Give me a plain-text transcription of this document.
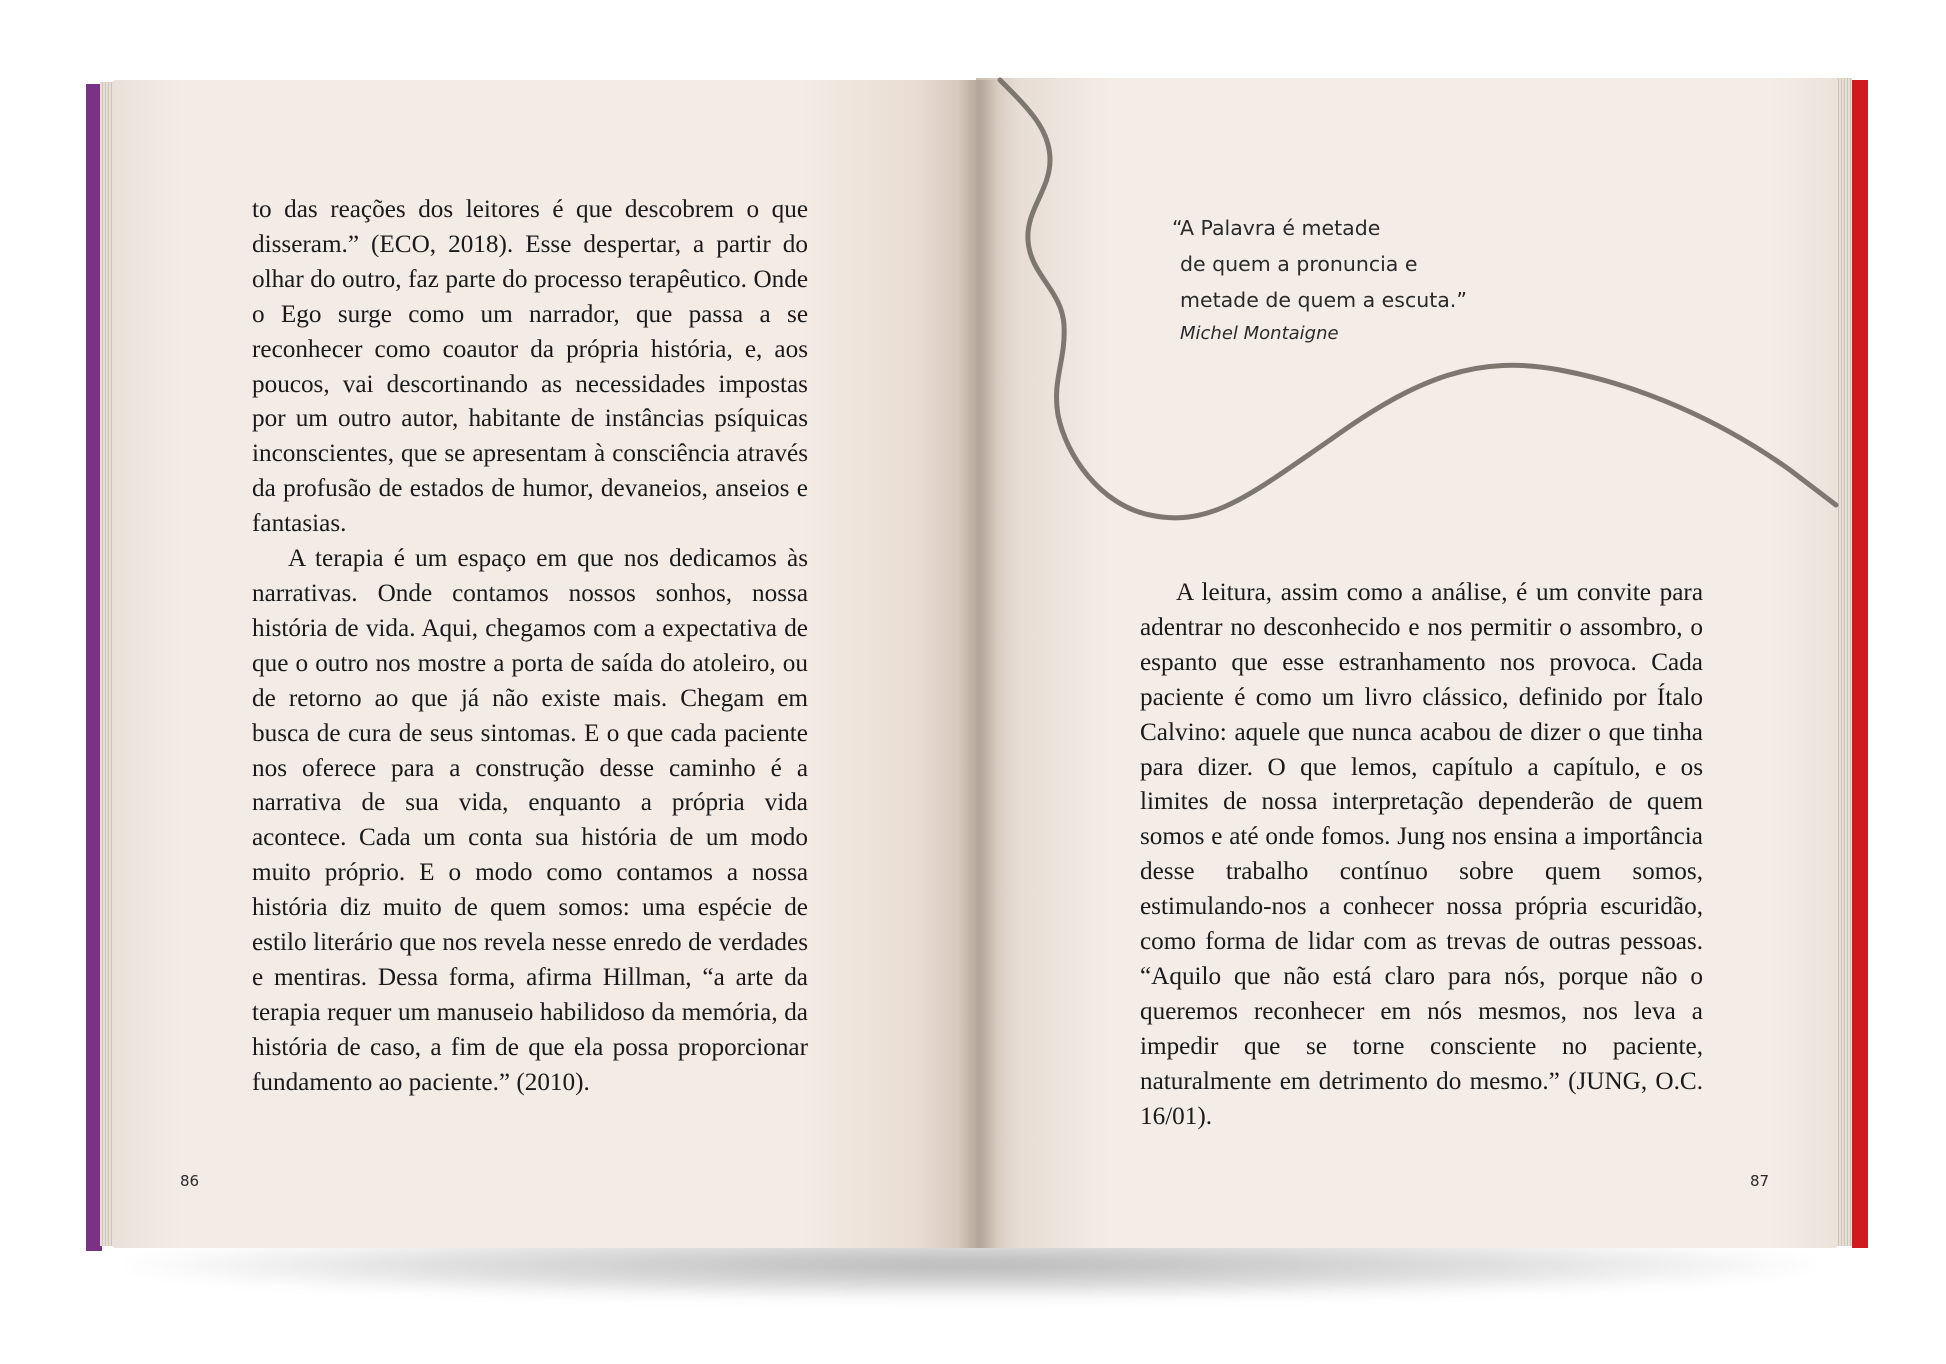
to das reações dos leitores é que descobrem o que disseram.” (ECO, 2018). Esse despertar, a partir do olhar do outro, faz parte do processo terapêutico. Onde o Ego surge como um narrador, que passa a se reconhecer como coautor da própria história, e, aos poucos, vai descortinando as necessidades impostas por um outro autor, habitante de instâncias psíquicas inconscientes, que se apresentam à consciência através da profusão de estados de humor, devaneios, anseios e fantasias.

A terapia é um espaço em que nos dedicamos às narrativas. Onde contamos nossos sonhos, nossa história de vida. Aqui, chegamos com a expectativa de que o outro nos mostre a porta de saída do atoleiro, ou de retorno ao que já não existe mais. Chegam em busca de cura de seus sintomas. E o que cada paciente nos oferece para a construção desse caminho é a narrativa de sua vida, enquanto a própria vida acontece. Cada um conta sua história de um modo muito próprio. E o modo como contamos a nossa história diz muito de quem somos: uma espécie de estilo literário que nos revela nesse enredo de verdades e mentiras. Dessa forma, afirma Hillman, “a arte da terapia requer um manuseio habilidoso da memória, da história de caso, a fim de que ela possa proporcionar fundamento ao paciente.” (2010).

“A Palavra é metade
de quem a pronuncia e
metade de quem a escuta.”
Michel Montaigne

A leitura, assim como a análise, é um convite para adentrar no desconhecido e nos permitir o assombro, o espanto que esse estranhamento nos provoca. Cada paciente é como um livro clássico, definido por Ítalo Calvino: aquele que nunca acabou de dizer o que tinha para dizer. O que lemos, capítulo a capítulo, e os limites de nossa interpretação dependerão de quem somos e até onde fomos. Jung nos ensina a importância desse trabalho contínuo sobre quem somos, estimulando-nos a conhecer nossa própria escuridão, como forma de lidar com as trevas de outras pessoas. “Aquilo que não está claro para nós, porque não o queremos reconhecer em nós mesmos, nos leva a impedir que se torne consciente no paciente, naturalmente em detrimento do mesmo.” (JUNG, O.C. 16/01).

86	87
